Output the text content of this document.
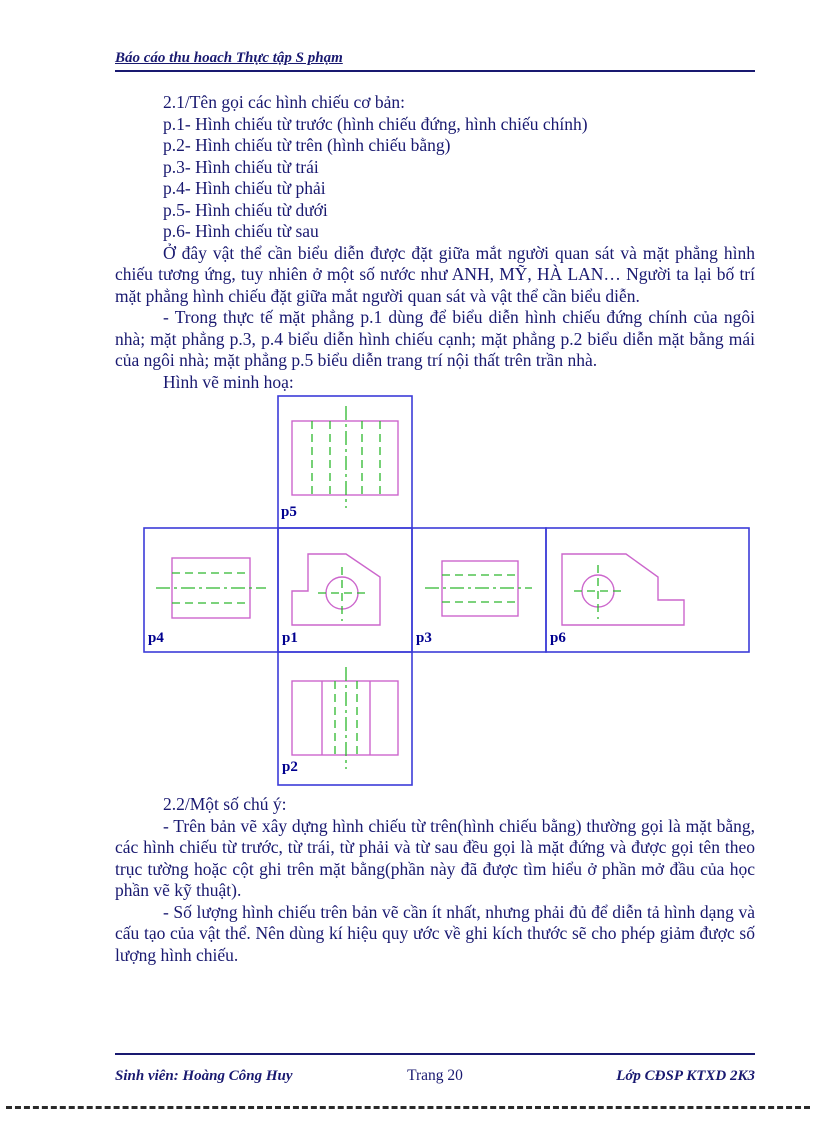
Báo cáo thu hoach Thực tập S phạm

2.1/Tên gọi các hình chiếu cơ bản:

p.1- Hình chiếu từ trước (hình chiếu đứng, hình chiếu chính)

p.2- Hình chiếu từ trên (hình chiếu bằng)

p.3- Hình chiếu từ trái

p.4- Hình chiếu từ phải

p.5- Hình chiếu từ dưới

p.6- Hình chiếu từ sau

Ở đây vật thể cần biểu diễn được đặt giữa mắt người quan sát và mặt phẳng hình chiếu tương ứng, tuy nhiên ở một số nước như ANH, MỸ, HÀ LAN… Người ta lại bố trí mặt phẳng hình chiếu đặt giữa mắt người quan sát và vật thể cần biểu diễn.

- Trong thực tế mặt phẳng p.1 dùng để biểu diễn hình chiếu đứng chính của ngôi nhà; mặt phẳng p.3, p.4 biểu diễn hình chiếu cạnh; mặt phẳng p.2 biểu diễn mặt bằng mái của ngôi nhà; mặt phẳng p.5 biểu diễn trang trí nội thất trên trần nhà.

Hình vẽ minh hoạ:

p5
p4	p1	p3	p6
p2

2.2/Một số chú ý:

- Trên bản vẽ xây dựng hình chiếu từ trên(hình chiếu bằng) thường gọi là mặt bằng, các hình chiếu từ trước, từ trái, từ phải và từ sau đều gọi là mặt đứng và được gọi tên theo trục tường hoặc cột ghi trên mặt bằng(phần này đã được tìm hiểu ở phần mở đầu của học phần vẽ kỹ thuật).

- Số lượng hình chiếu trên bản vẽ cần ít nhất, nhưng phải đủ để diễn tả hình dạng và cấu tạo của vật thể. Nên dùng kí hiệu quy ước về ghi kích thước sẽ cho phép giảm được số lượng hình chiếu.

Sinh viên: Hoàng Công Huy	Trang 20	Lớp CĐSP KTXD 2K3
